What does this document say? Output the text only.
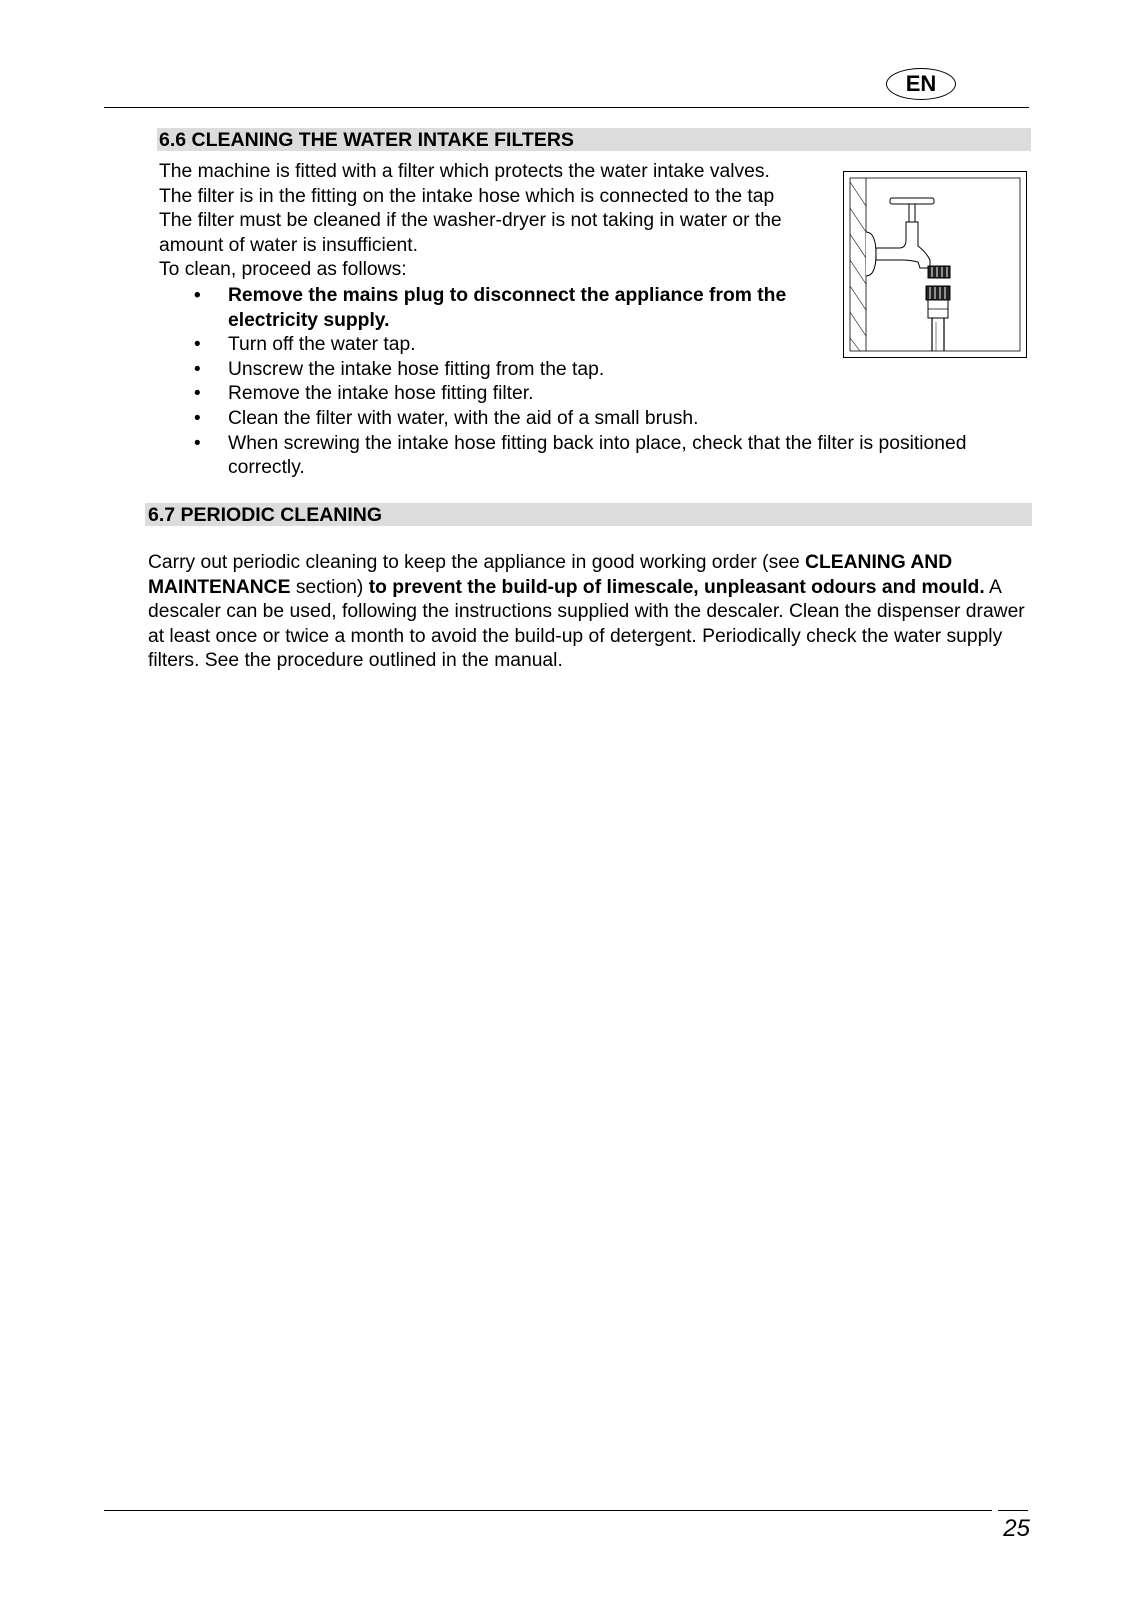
EN
6.6 CLEANING THE WATER INTAKE FILTERS
The machine is fitted with a filter which protects the water intake valves.
The filter is in the fitting on the intake hose which is connected to the tap
The filter must be cleaned if the washer-dryer is not taking in water or the
amount of water is insufficient.
To clean, proceed as follows:
• Remove the mains plug to disconnect the appliance from the electricity supply.
• Turn off the water tap.
• Unscrew the intake hose fitting from the tap.
• Remove the intake hose fitting filter.
• Clean the filter with water, with the aid of a small brush.
• When screwing the intake hose fitting back into place, check that the filter is positioned correctly.
6.7 PERIODIC CLEANING

Carry out periodic cleaning to keep the appliance in good working order (see CLEANING AND MAINTENANCE section) to prevent the build-up of limescale, unpleasant odours and mould. A descaler can be used, following the instructions supplied with the descaler. Clean the dispenser drawer at least once or twice a month to avoid the build-up of detergent. Periodically check the water supply filters. See the procedure outlined in the manual.

25
